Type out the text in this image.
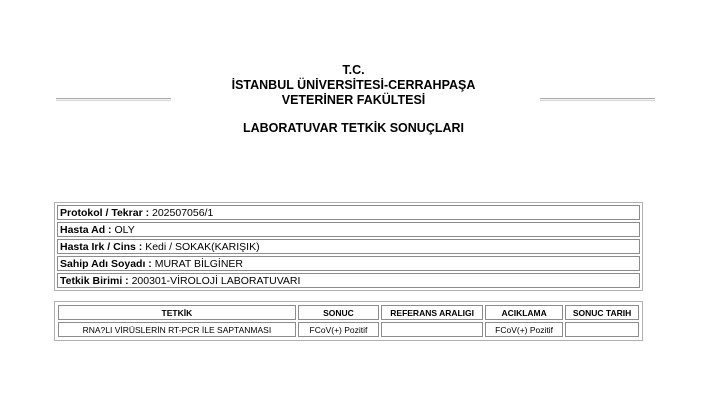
T.C.
İSTANBUL ÜNİVERSİTESİ-CERRAHPAŞA
VETERİNER FAKÜLTESİ
LABORATUVAR TETKİK SONUÇLARI
Protokol / Tekrar : 202507056/1
Hasta Ad : OLY
Hasta Irk / Cins : Kedi / SOKAK(KARIŞIK)
Sahip Adı Soyadı : MURAT BİLGİNER
Tetkik Birimi : 200301-VİROLOJİ LABORATUVARI
TETKİK	SONUC	REFERANS ARALIGI	ACIKLAMA	SONUC TARIH
RNA?LI VİRÜSLERİN RT-PCR İLE SAPTANMASI	FCoV(+) Pozitif		FCoV(+) Pozitif	
